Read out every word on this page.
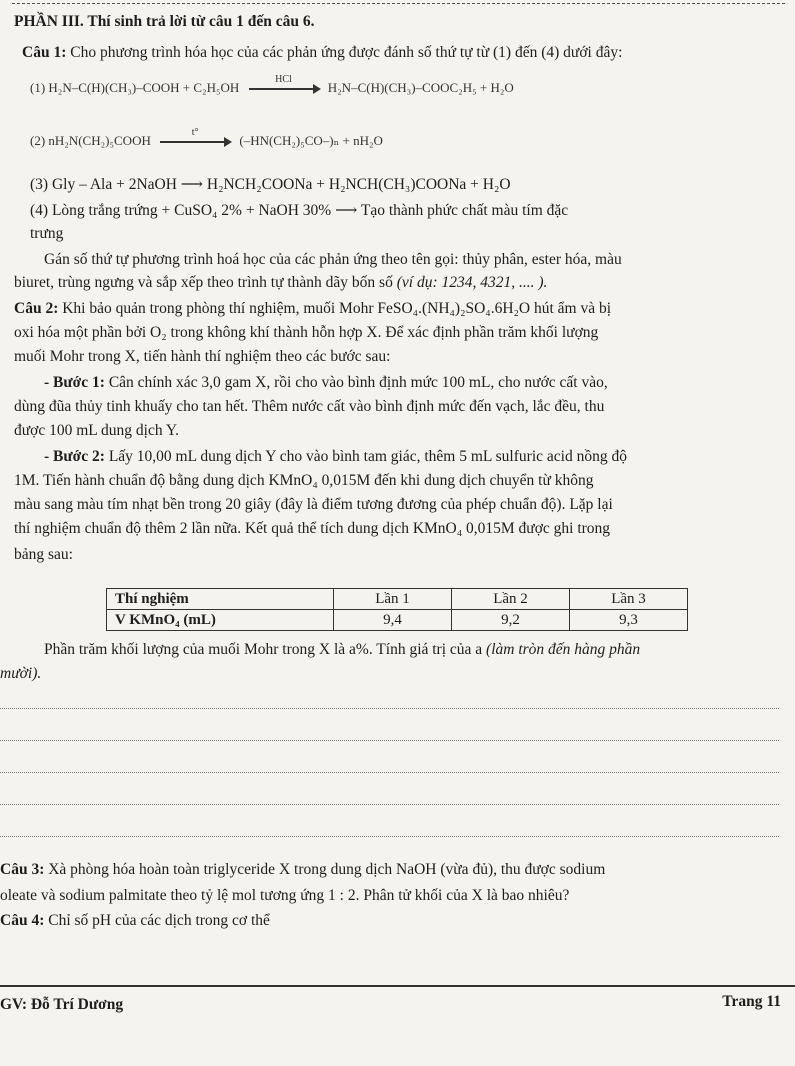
PHẦN III. Thí sinh trả lời từ câu 1 đến câu 6.
Câu 1: Cho phương trình hóa học của các phản ứng được đánh số thứ tự từ (1) đến (4) dưới đây:
(1) H₂N–C(H)(CH₃)–COOH + C₂H₅OH
HCl
H₂N–C(H)(CH₃)–COOC₂H₅ + H₂O
(2) nH₂N(CH₂)₅COOH
t°
(–HN(CH₂)₅CO–)ₙ + nH₂O
(3) Gly – Ala + 2NaOH ⟶ H₂NCH₂COONa + H₂NCH(CH₃)COONa + H₂O
(4) Lòng trắng trứng + CuSO₄ 2% + NaOH 30% ⟶ Tạo thành phức chất màu tím đặc
trưng
Gán số thứ tự phương trình hoá học của các phản ứng theo tên gọi: thủy phân, ester hóa, màu
biuret, trùng ngưng và sắp xếp theo trình tự thành dãy bốn số (ví dụ: 1234, 4321, .... ).
Câu 2: Khi bảo quản trong phòng thí nghiệm, muối Mohr FeSO₄.(NH₄)₂SO₄.6H₂O hút ẩm và bị
oxi hóa một phần bởi O₂ trong không khí thành hỗn hợp X. Để xác định phần trăm khối lượng
muối Mohr trong X, tiến hành thí nghiệm theo các bước sau:
- Bước 1: Cân chính xác 3,0 gam X, rồi cho vào bình định mức 100 mL, cho nước cất vào,
dùng đũa thủy tinh khuấy cho tan hết. Thêm nước cất vào bình định mức đến vạch, lắc đều, thu
được 100 mL dung dịch Y.
- Bước 2: Lấy 10,00 mL dung dịch Y cho vào bình tam giác, thêm 5 mL sulfuric acid nồng độ
1M. Tiến hành chuẩn độ bằng dung dịch KMnO₄ 0,015M đến khi dung dịch chuyển từ không
màu sang màu tím nhạt bền trong 20 giây (đây là điểm tương đương của phép chuẩn độ). Lặp lại
thí nghiệm chuẩn độ thêm 2 lần nữa. Kết quả thể tích dung dịch KMnO₄ 0,015M được ghi trong
bảng sau:
Thí nghiệm	Lần 1	Lần 2	Lần 3
V KMnO₄ (mL)	9,4	9,2	9,3
Phần trăm khối lượng của muối Mohr trong X là a%. Tính giá trị của a (làm tròn đến hàng phần
mười).
Câu 3: Xà phòng hóa hoàn toàn triglyceride X trong dung dịch NaOH (vừa đủ), thu được sodium
oleate và sodium palmitate theo tỷ lệ mol tương ứng 1 : 2. Phân tử khối của X là bao nhiêu?
Câu 4: Chỉ số pH của các dịch trong cơ thể
GV: Đỗ Trí Dương	Trang 11
